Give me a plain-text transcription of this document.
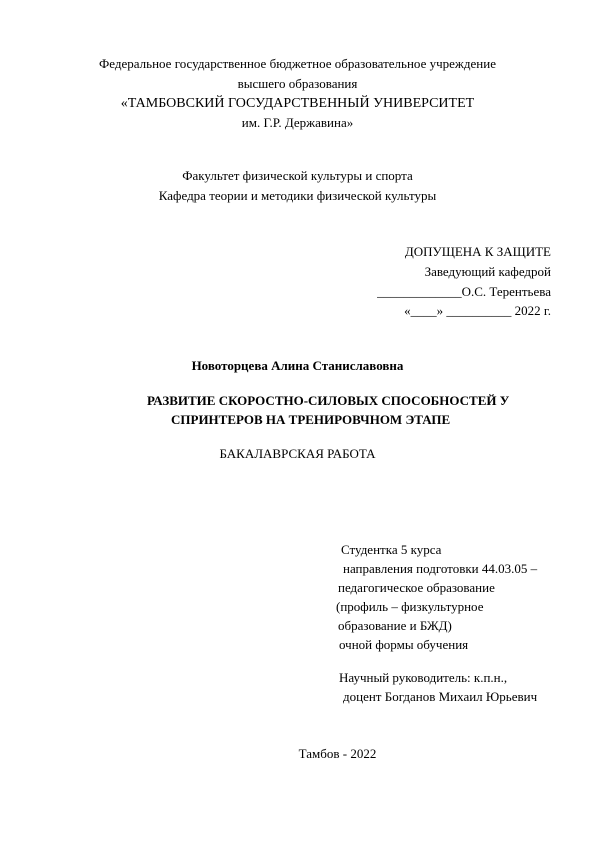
Федеральное государственное бюджетное образовательное учреждение
высшего образования
«ТАМБОВСКИЙ ГОСУДАРСТВЕННЫЙ УНИВЕРСИТЕТ
им. Г.Р. Державина»
Факультет физической культуры и спорта
Кафедра теории и методики физической культуры
ДОПУЩЕНА К ЗАЩИТЕ
Заведующий кафедрой
_____________О.С. Терентьева
«____» __________ 2022 г.
Новоторцева Алина Станиславовна
РАЗВИТИЕ СКОРОСТНО-СИЛОВЫХ СПОСОБНОСТЕЙ У
СПРИНТЕРОВ НА ТРЕНИРОВЧНОМ ЭТАПЕ
БАКАЛАВРСКАЯ РАБОТА
Студентка 5 курса
направления подготовки 44.03.05 –
педагогическое образование
(профиль – физкультурное
образование и БЖД)
очной формы обучения
Научный руководитель: к.п.н.,
доцент Богданов Михаил Юрьевич
Тамбов - 2022
